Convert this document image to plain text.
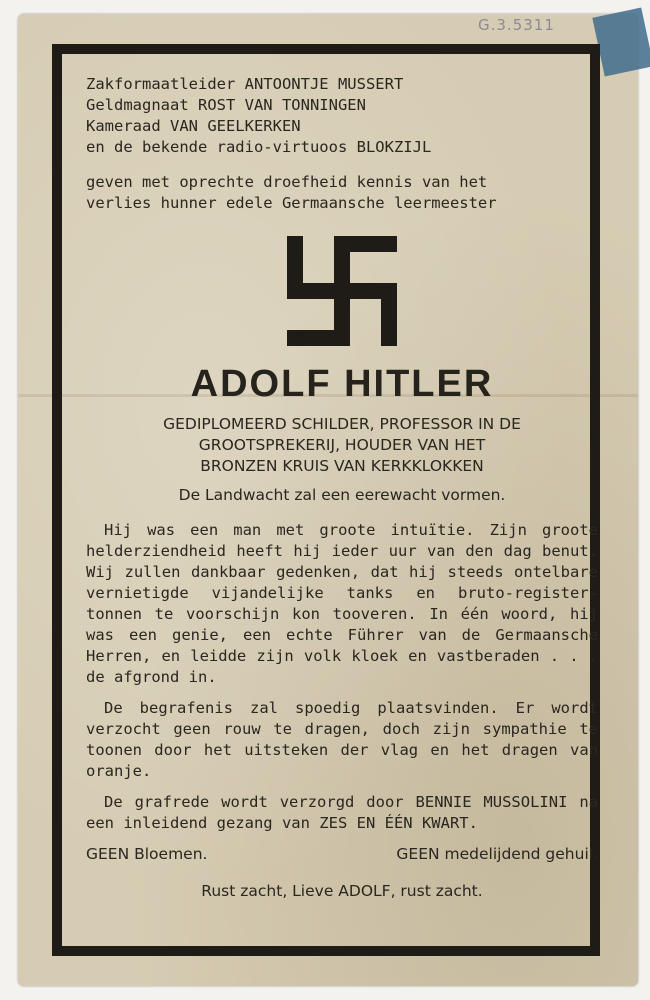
G.3.5311

Zakformaatleider ANTOONTJE MUSSERT

Geldmagnaat ROST VAN TONNINGEN

Kameraad VAN GEELKERKEN

en de bekende radio-virtuoos BLOKZIJL

geven met oprechte droefheid kennis van het

verlies hunner edele Germaansche leermeester

ADOLF HITLER

GEDIPLOMEERD SCHILDER, PROFESSOR IN DE

GROOTSPREKERIJ, HOUDER VAN HET

BRONZEN KRUIS VAN KERKKLOKKEN

De Landwacht zal een eerewacht vormen.

Hij was een man met groote intuïtie. Zijn groote helderziendheid heeft hij ieder uur van den dag benut. Wij zullen dankbaar gedenken, dat hij steeds ontelbare vernietigde vijandelijke tanks en bruto-register-tonnen te voorschijn kon tooveren. In één woord, hij was een genie, een echte Führer van de Germaansche Herren, en leidde zijn volk kloek en vastberaden . . . de afgrond in.

De begrafenis zal spoedig plaatsvinden. Er wordt verzocht geen rouw te dragen, doch zijn sympathie te toonen door het uitsteken der vlag en het dragen van oranje.

De grafrede wordt verzorgd door BENNIE MUSSOLINI na een inleidend gezang van ZES EN ÉÉN KWART.

GEEN Bloemen.	GEEN medelijdend gehuil.

Rust zacht, Lieve ADOLF, rust zacht.
